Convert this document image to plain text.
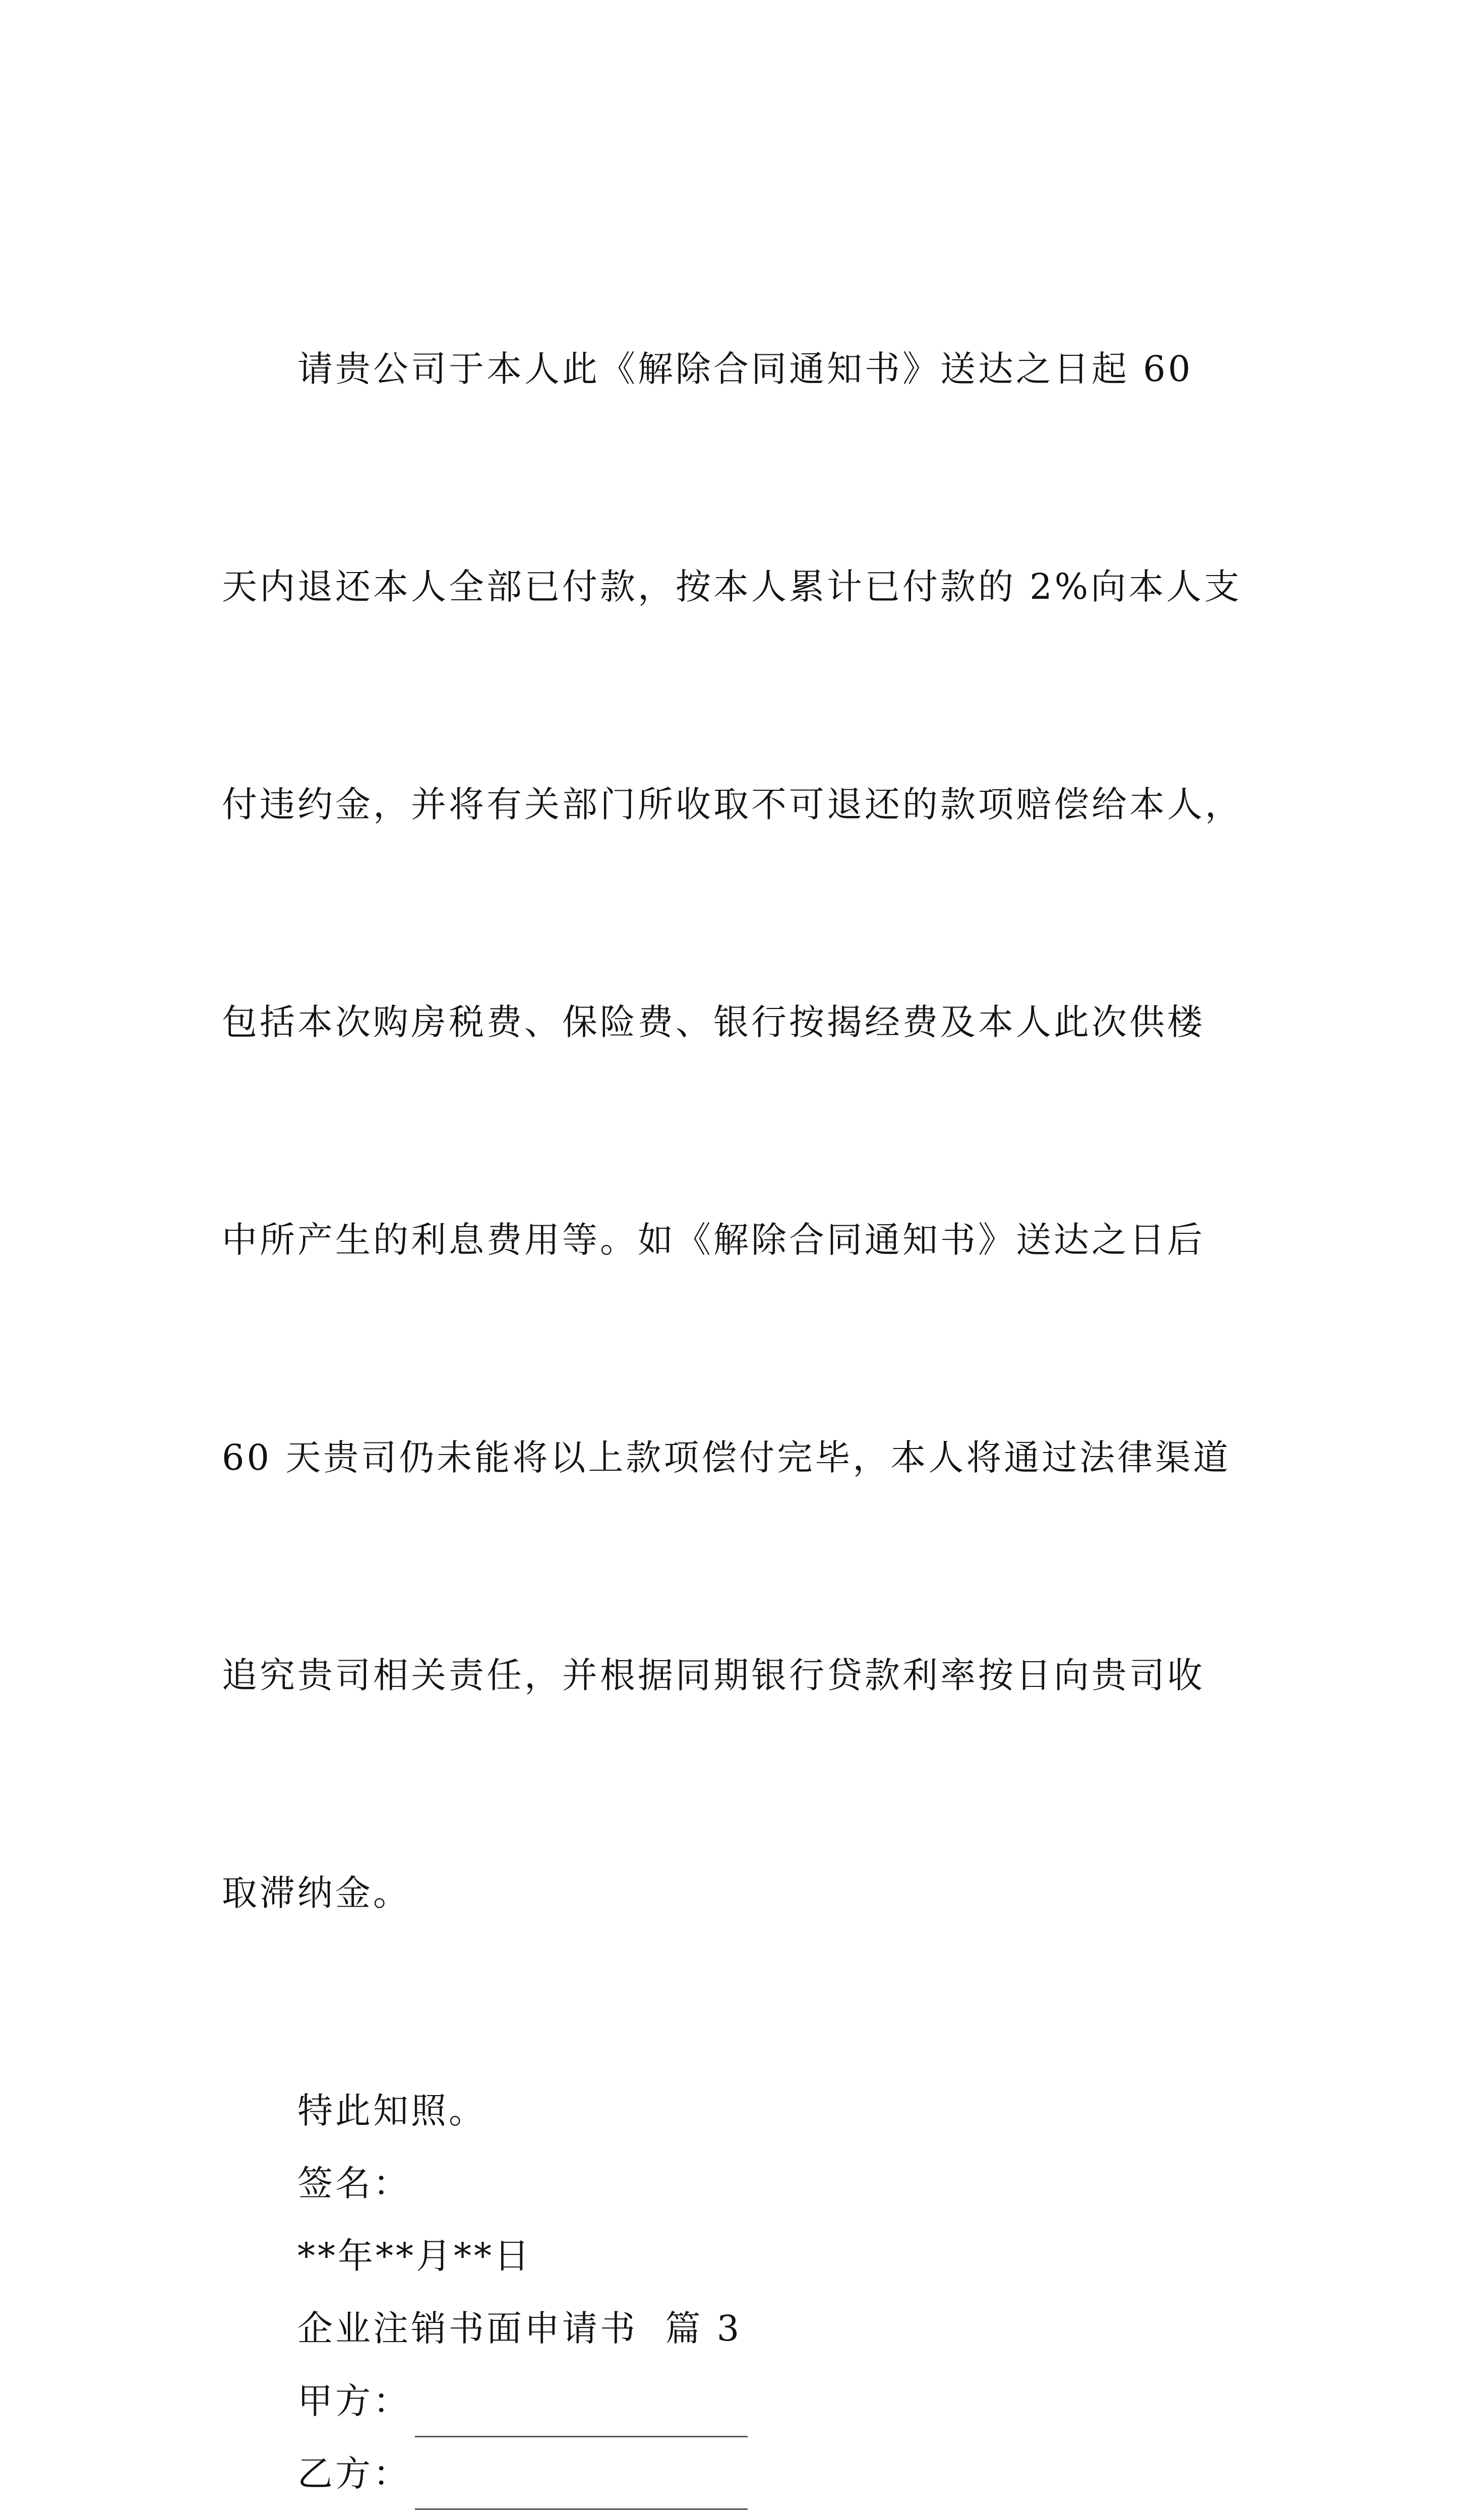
　　请贵公司于本人此《解除合同通知书》送达之日起 60

天内退还本人全部已付款，按本人累计已付款的 2%向本人支

付违约金，并将有关部门所收取不可退还的款项赔偿给本人，

包括本次购房税费、保险费、银行按揭经费及本人此次供楼

中所产生的利息费用等。如《解除合同通知书》送达之日后

60 天贵司仍未能将以上款项偿付完毕，本人将通过法律渠道

追究贵司相关责任，并根据同期银行贷款利率按日向贵司收

取滞纳金。

　　特此知照。
　　签名：
　　**年**月**日
　　企业注销书面申请书  篇 3
　　甲方：
　　乙方：
